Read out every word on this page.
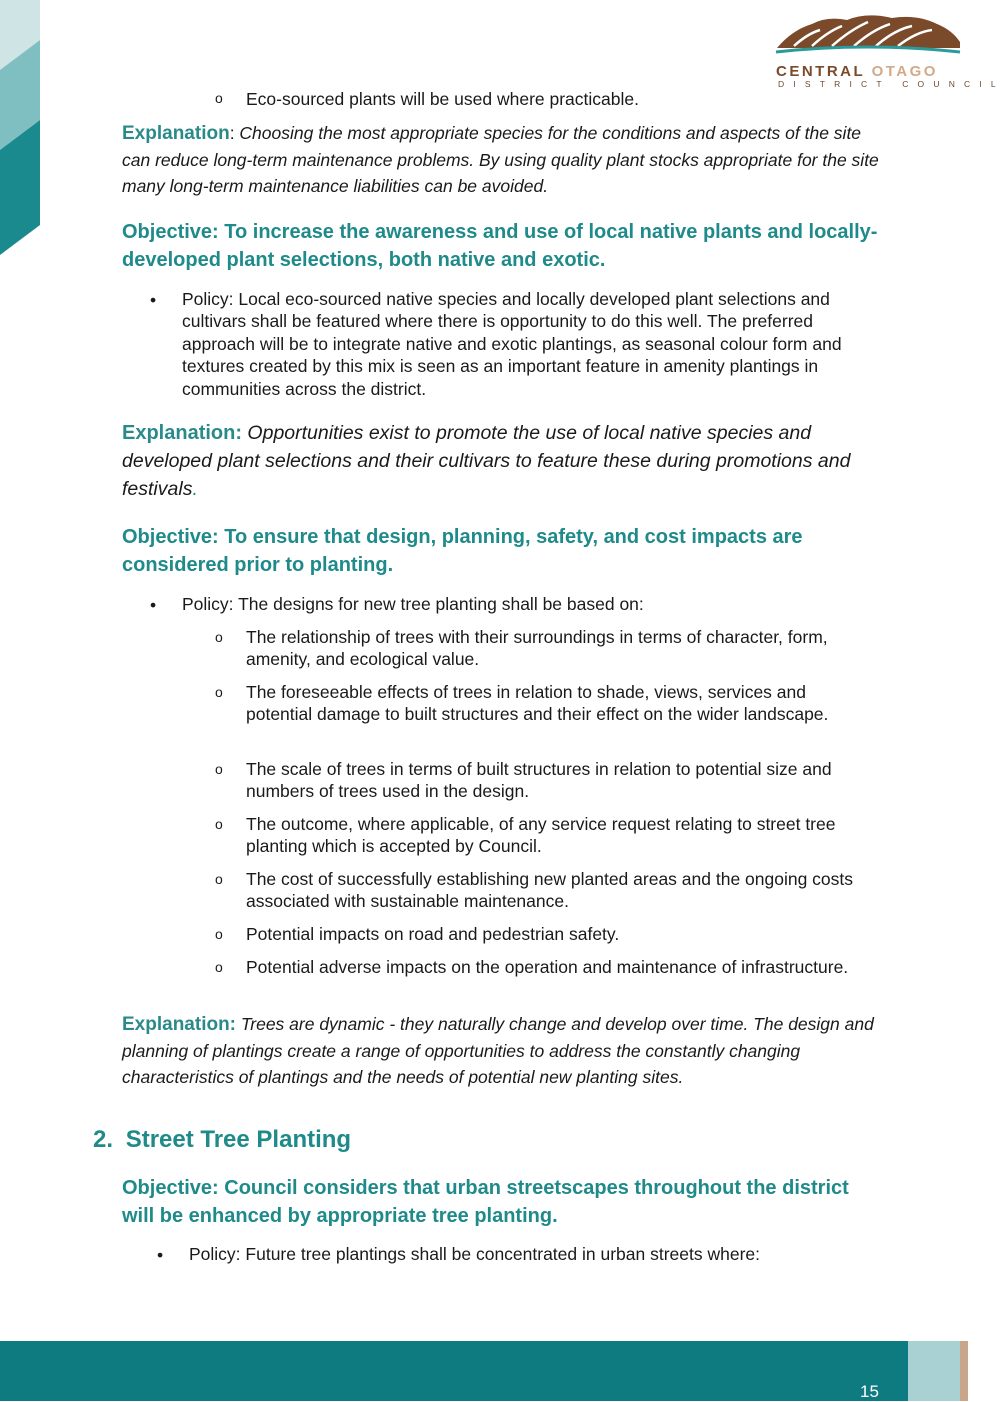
CENTRAL OTAGO
DISTRICT COUNCIL
o Eco-sourced plants will be used where practicable.
Explanation: Choosing the most appropriate species for the conditions and aspects of the site can reduce long-term maintenance problems. By using quality plant stocks appropriate for the site many long-term maintenance liabilities can be avoided.
Objective: To increase the awareness and use of local native plants and locally-developed plant selections, both native and exotic.
• Policy: Local eco-sourced native species and locally developed plant selections and cultivars shall be featured where there is opportunity to do this well. The preferred approach will be to integrate native and exotic plantings, as seasonal colour form and textures created by this mix is seen as an important feature in amenity plantings in communities across the district.
Explanation: Opportunities exist to promote the use of local native species and developed plant selections and their cultivars to feature these during promotions and festivals.
Objective: To ensure that design, planning, safety, and cost impacts are considered prior to planting.
• Policy: The designs for new tree planting shall be based on:
o The relationship of trees with their surroundings in terms of character, form, amenity, and ecological value.
o The foreseeable effects of trees in relation to shade, views, services and potential damage to built structures and their effect on the wider landscape.
o The scale of trees in terms of built structures in relation to potential size and numbers of trees used in the design.
o The outcome, where applicable, of any service request relating to street tree planting which is accepted by Council.
o The cost of successfully establishing new planted areas and the ongoing costs associated with sustainable maintenance.
o Potential impacts on road and pedestrian safety.
o Potential adverse impacts on the operation and maintenance of infrastructure.
Explanation: Trees are dynamic - they naturally change and develop over time. The design and planning of plantings create a range of opportunities to address the constantly changing characteristics of plantings and the needs of potential new planting sites.
2. Street Tree Planting
Objective: Council considers that urban streetscapes throughout the district will be enhanced by appropriate tree planting.
• Policy: Future tree plantings shall be concentrated in urban streets where:
15
